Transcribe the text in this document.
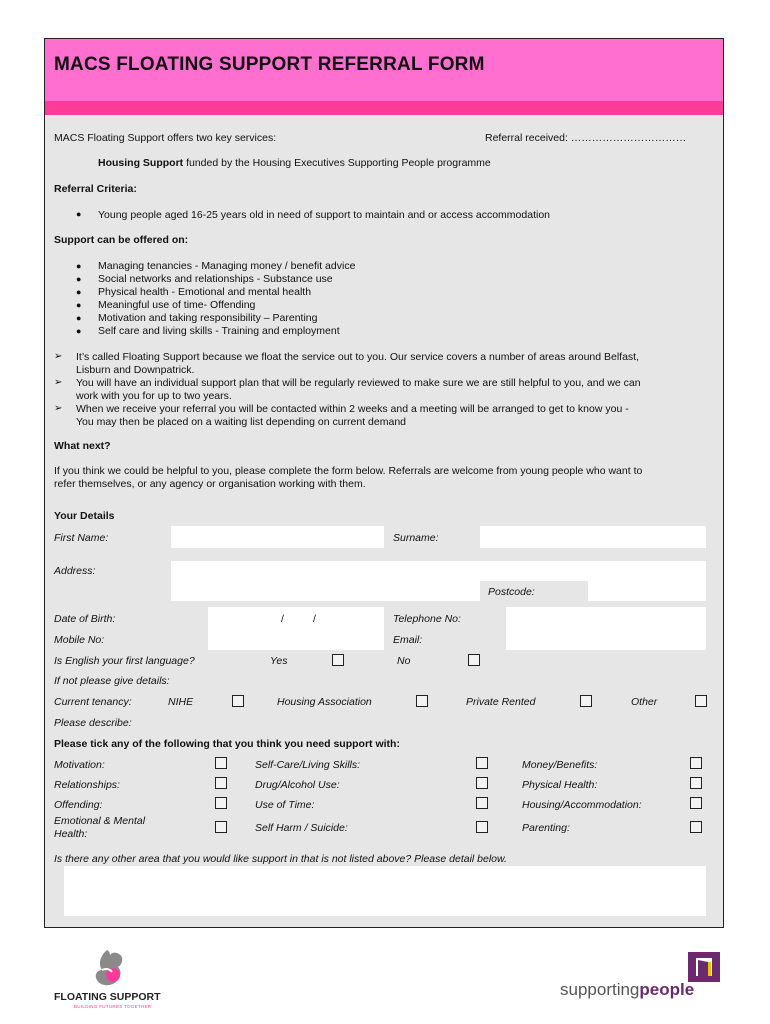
MACS FLOATING SUPPORT REFERRAL FORM
MACS Floating Support offers two key services:	Referral received: ……………………………
Housing Support funded by the Housing Executives Supporting People programme
Referral Criteria:
● Young people aged 16-25 years old in need of support to maintain and or access accommodation
Support can be offered on:
● Managing tenancies - Managing money / benefit advice
● Social networks and relationships - Substance use
● Physical health - Emotional and mental health
● Meaningful use of time- Offending
● Motivation and taking responsibility – Parenting
● Self care and living skills - Training and employment
➢ It’s called Floating Support because we float the service out to you. Our service covers a number of areas around Belfast,
Lisburn and Downpatrick.
➢ You will have an individual support plan that will be regularly reviewed to make sure we are still helpful to you, and we can
work with you for up to two years.
➢ When we receive your referral you will be contacted within 2 weeks and a meeting will be arranged to get to know you -
You may then be placed on a waiting list depending on current demand
What next?
If you think we could be helpful to you, please complete the form below. Referrals are welcome from young people who want to
refer themselves, or any agency or organisation working with them.
Your Details
First Name:	Surname:
Address:
Postcode:
Date of Birth:	/	/	Telephone No:
Mobile No:	Email:
Is English your first language?	Yes	No
If not please give details:
Current tenancy:	NIHE	Housing Association	Private Rented	Other
Please describe:
Please tick any of the following that you think you need support with:
Motivation:	Self-Care/Living Skills:	Money/Benefits:
Relationships:	Drug/Alcohol Use:	Physical Health:
Offending:	Use of Time:	Housing/Accommodation:
Emotional & Mental
Health:	Self Harm / Suicide:	Parenting:
Is there any other area that you would like support in that is not listed above? Please detail below.
FLOATING SUPPORT
BUILDING FUTURES TOGETHER
supportingpeople
